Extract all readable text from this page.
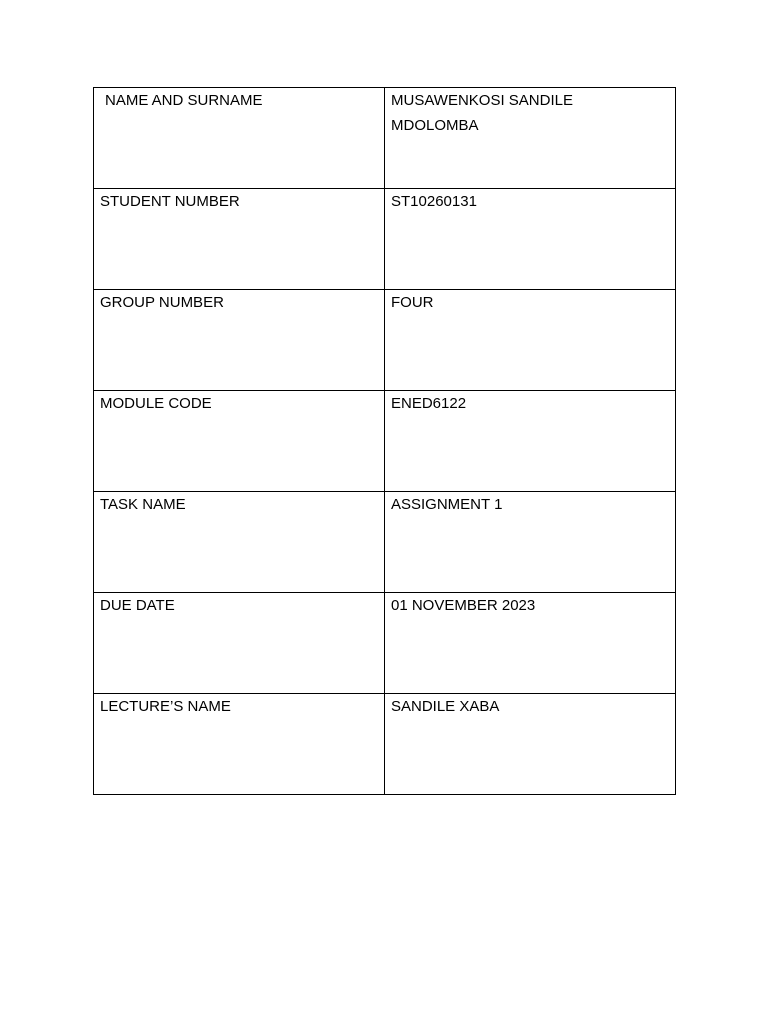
NAME AND SURNAME	MUSAWENKOSI SANDILE
MDOLOMBA

STUDENT NUMBER	ST10260131

GROUP NUMBER	FOUR

MODULE CODE	ENED6122

TASK NAME	ASSIGNMENT 1

DUE DATE	01 NOVEMBER 2023

LECTURE’S NAME	SANDILE XABA
